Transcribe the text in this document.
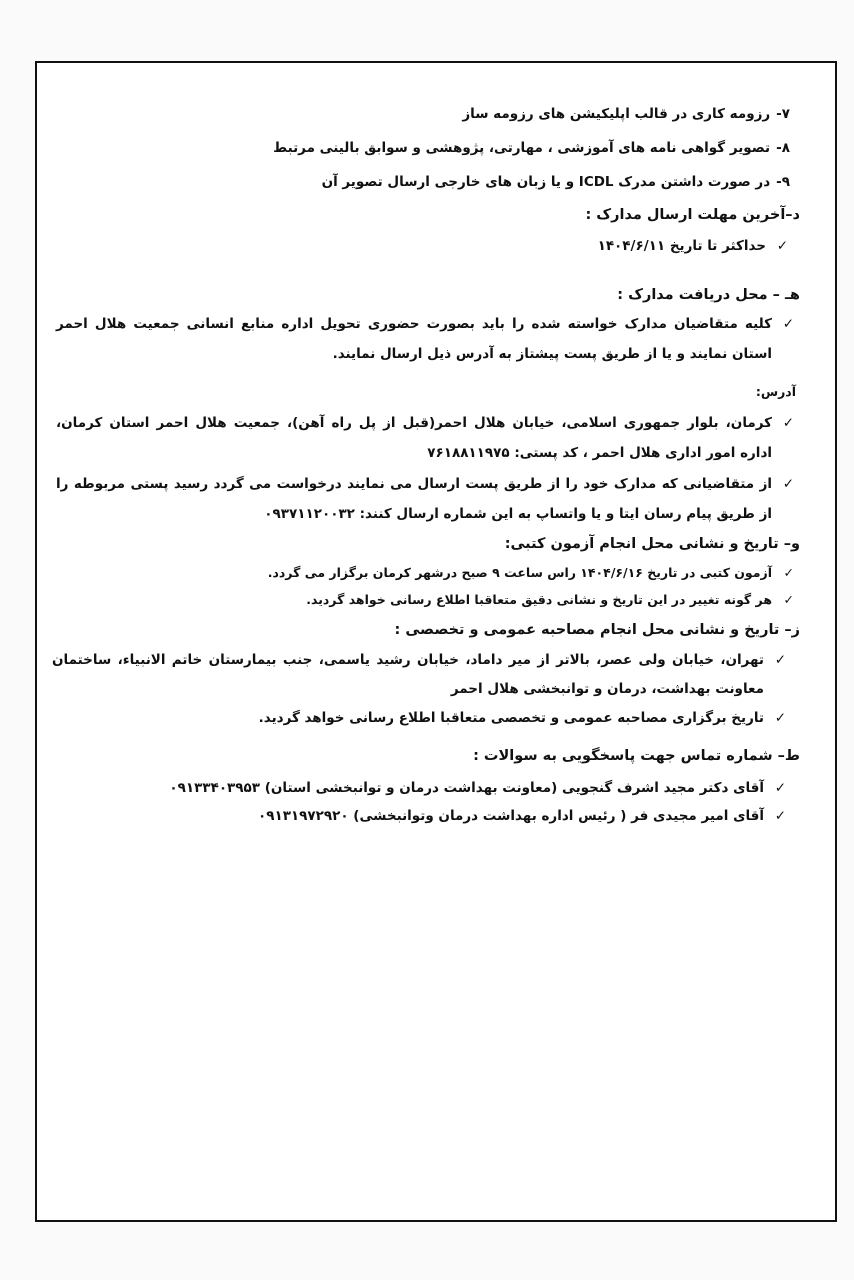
۷-رزومه کاری در قالب اپلیکیشن های رزومه ساز
۸-تصویر گواهی نامه های آموزشی ، مهارتی، پژوهشی و سوابق بالینی مرتبط
۹-در صورت داشتن مدرک ICDL و یا زبان های خارجی ارسال تصویر آن
د–آخرین مهلت ارسال مدارک :
✓
حداکثر تا تاریخ ۱۴۰۴/۶/۱۱
هـ – محل دریافت مدارک :
✓
کلیه متقاضیان مدارک خواسته شده را باید بصورت حضوری تحویل اداره منابع انسانی جمعیت هلال احمر استان نمایند و یا از طریق پست پیشتاز به آدرس ذیل ارسال نمایند.
آدرس:
✓
کرمان، بلوار جمهوری اسلامی، خیابان هلال احمر(قبل از پل راه آهن)، جمعیت هلال احمر استان کرمان، اداره امور اداری هلال احمر ، کد پستی: ۷۶۱۸۸۱۱۹۷۵
✓
از متقاضیانی که مدارک خود را از طریق پست ارسال می نمایند درخواست می گردد رسید پستی مربوطه را از طریق پیام رسان ایتا و یا واتساپ به این شماره ارسال کنند: ۰۹۳۷۱۱۲۰۰۳۲
و– تاریخ و نشانی محل انجام آزمون کتبی:
✓
آزمون کتبی در تاریخ ۱۴۰۴/۶/۱۶ راس ساعت ۹ صبح درشهر کرمان برگزار می گردد.
✓
هر گونه تغییر در این تاریخ و نشانی دقیق متعاقبا اطلاع رسانی خواهد گردید.
ز– تاریخ و نشانی محل انجام مصاحبه عمومی و تخصصی :
✓
تهران، خیابان ولی عصر، بالاتر از میر داماد، خیابان رشید یاسمی، جنب بیمارستان خاتم الانبیاء، ساختمان معاونت بهداشت، درمان و توانبخشی هلال احمر
✓
تاریخ برگزاری مصاحبه عمومی و تخصصی متعاقبا اطلاع رسانی خواهد گردید.
ط– شماره تماس جهت پاسخگویی به سوالات :
✓
آقای دکتر مجید اشرف گنجویی (معاونت بهداشت درمان و توانبخشی استان) ۰۹۱۳۳۴۰۳۹۵۳
✓
آقای امیر مجیدی فر ( رئیس اداره بهداشت درمان وتوانبخشی) ۰۹۱۳۱۹۷۲۹۲۰
